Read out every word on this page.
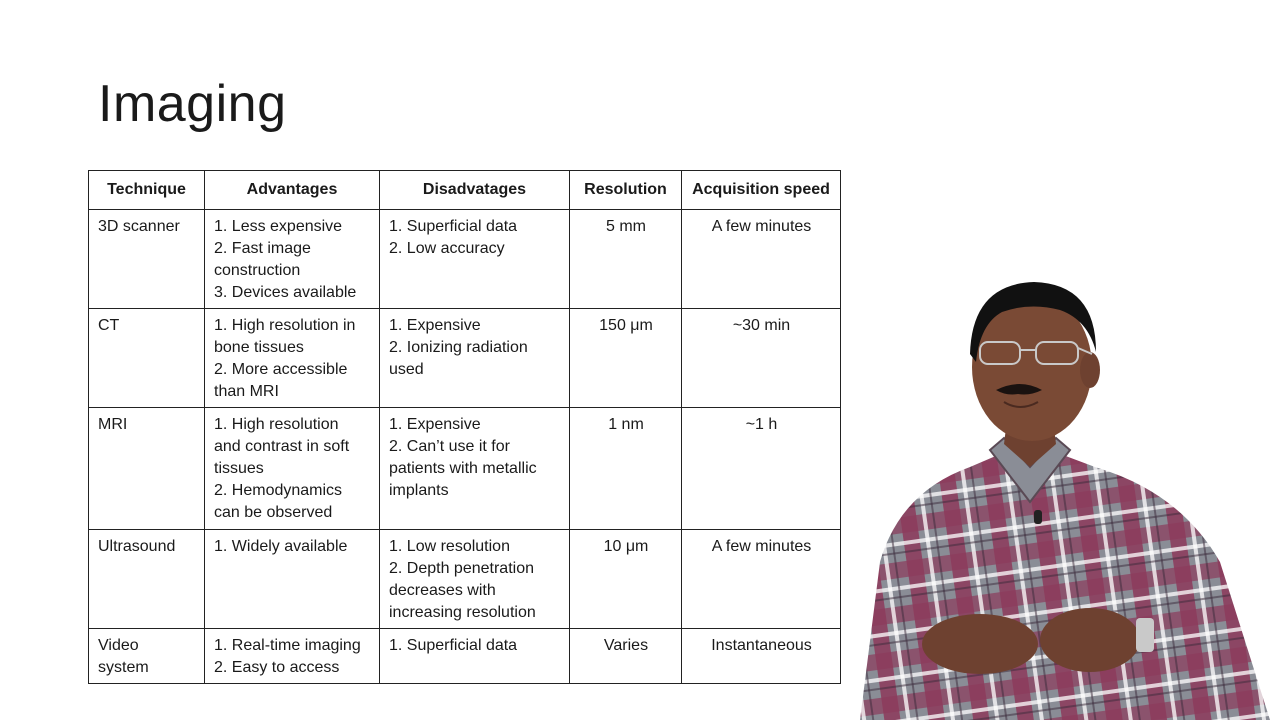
Imaging
Technique	Advantages	Disadvatages	Resolution	Acquisition speed

3D scanner	1. Less expensive
2. Fast image
construction
3. Devices available	1. Superficial data
2. Low accuracy	5 mm	A few minutes

CT	1. High resolution in
bone tissues
2. More accessible
than MRI	1. Expensive
2. Ionizing radiation
used	150 μm	~30 min

MRI	1. High resolution
and contrast in soft
tissues
2. Hemodynamics
can be observed	1. Expensive
2. Can’t use it for
patients with metallic
implants	1 nm	~1 h

Ultrasound	1. Widely available	1. Low resolution
2. Depth penetration
decreases with
increasing resolution	10 μm	A few minutes

Video
system	1. Real-time imaging
2. Easy to access	1. Superficial data	Varies	Instantaneous
